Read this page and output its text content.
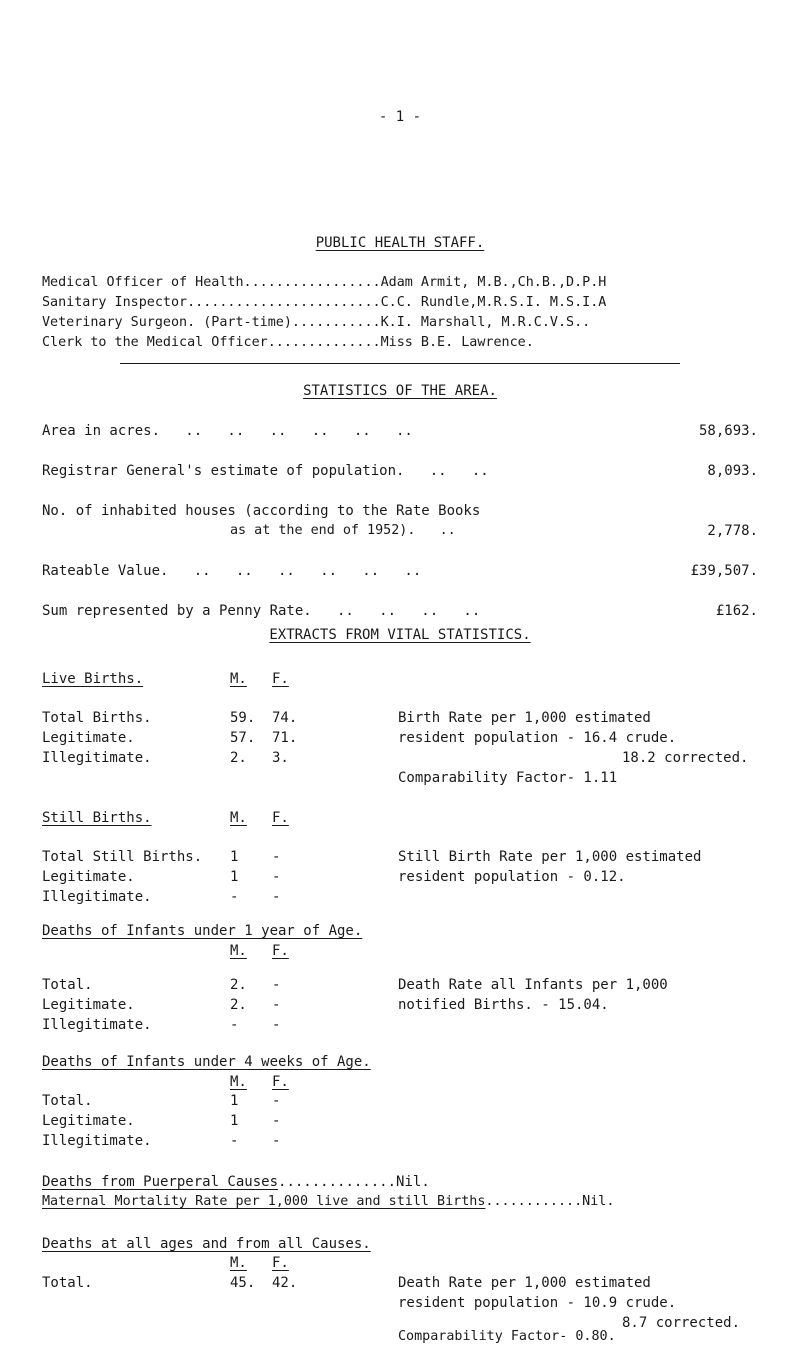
- 1 -
PUBLIC HEALTH STAFF.
Medical Officer of Health.................Adam Armit, M.B.,Ch.B.,D.P.H
Sanitary Inspector........................C.C. Rundle,M.R.S.I. M.S.I.A
Veterinary Surgeon. (Part-time)...........K.I. Marshall, M.R.C.V.S..
Clerk to the Medical Officer..............Miss B.E. Lawrence.
STATISTICS OF THE AREA.
Area in acres.   ..   ..   ..   ..   ..   ..	58,693.
Registrar General's estimate of population.   ..   ..	8,093.
No. of inhabited houses (according to the Rate Books
as at the end of 1952).   ..	2,778.
Rateable Value.   ..   ..   ..   ..   ..   ..	£39,507.
Sum represented by a Penny Rate.   ..   ..   ..   ..	£162.
EXTRACTS FROM VITAL STATISTICS.
Live Births.	M. F.
Total Births.	59. 74.
Legitimate.	57. 71.
Illegitimate.	2. 3.
Birth Rate per 1,000 estimated
resident population - 16.4 crude.
18.2 corrected.
Comparability Factor- 1.11
Still Births.	M. F.
Total Still Births. 1 -
Legitimate.	1 -
Illegitimate.	- -
Still Birth Rate per 1,000 estimated
resident population - 0.12.
Deaths of Infants under 1 year of Age.
M. F.
Total.	2. -
Legitimate.	2. -
Illegitimate.	- -
Death Rate all Infants per 1,000
notified Births. - 15.04.
Deaths of Infants under 4 weeks of Age.
M. F.
Total.	1 -
Legitimate.	1 -
Illegitimate.	- -
Deaths from Puerperal Causes..............Nil.
Maternal Mortality Rate per 1,000 live and still Births............Nil.
Deaths at all ages and from all Causes.
M. F.
Total.	45. 42.	Death Rate per 1,000 estimated
resident population - 10.9 crude.
8.7 corrected.
Comparability Factor- 0.80.
